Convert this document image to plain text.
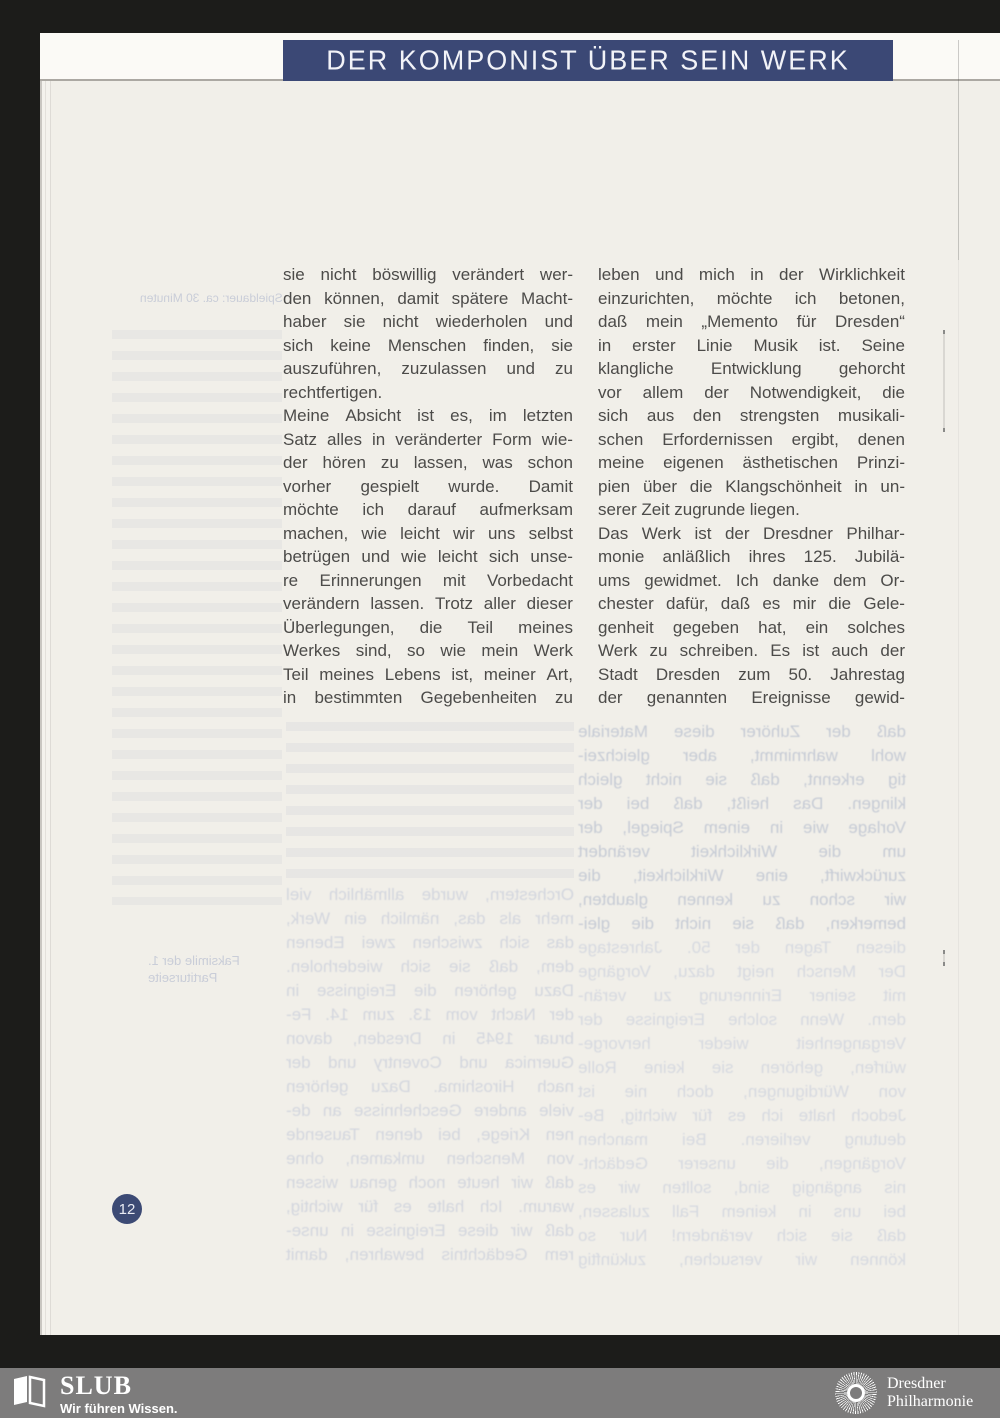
DER KOMPONIST ÜBER SEIN WERK
daß
der
Zuhörer
diese
Materiale
wohl
wahrnimmt,
aber
gleichzei-
tig
erkennt,
daß
sie
nicht
gleich
klingen.
Das
heißt,
daß
bei
der
Vorlage
wie
in
einem
Spiegel,
der
um
die
Wirklichkeit
verändert
zurückwirft,
eine
Wirklichkeit,
die
wir
schon
zu
kennen
glaubten,
bemerken,
daß
sie
nicht
die
glei-
diesen
Tagen
der
50.
Jahrestage
Der
Mensch
neigt
dazu,
Vorgänge
mit
seiner
Erinnerung
zu
verän-
dern.
Wenn
solche
Ereignisse
der
Vergangenheit
wieder
hervorge-
würfen,
gehören
sie
keine
Rolle
von
Würdigungen,
doch
nie
ist
Jedoch
halte
ich
es
für
wichtig,
Be-
deutung
verlieren.
Bei
manchen
Vorgängen,
die
unserer
Gedächt-
nis
angängig
sind,
sollten
wir
es
bei
uns
in
keinem
Fall
zulassen,
daß
sie
sich
verändern!
Nur
so
können
wir
versuchen,
zukünftig
Orchestern,
wurde
allmählich
viel
mehr
als
das,
nämlich
ein
Werk,
das
sich
zwischen
zwei
Ebenen
dem,
daß
sie
sich
wiederholen.
Dazu
gehören
die
Ereignisse
in
der
Nacht
vom
13.
zum
14.
Fe-
bruar
1945
in
Dresden,
davon
Guernica
und
Coventry
und
der
nach
Hiroshima.
Dazu
gehören
viele
andere
Geschehnisse
an
de-
nen
Kriege,
bei
denen
Tausende
von
Menschen
umkamen,
ohne
daß
wir
heute
noch
genau
wissen
warum.
Ich
halte
es
für
wichtig,
daß
wir
diese
Ereignisse
in
unse-
rem
Gedächtnis
bewahren,
damit
Spieldauer: ca. 30 Minuten
Faksimile der 1. Partiturseite
sie nicht böswillig verändert wer-
den können, damit spätere Macht-
haber sie nicht wiederholen und
sich keine Menschen finden, sie
auszuführen, zuzulassen und zu
rechtfertigen.
Meine Absicht ist es, im letzten
Satz alles in veränderter Form wie-
der hören zu lassen, was schon
vorher gespielt wurde. Damit
möchte ich darauf aufmerksam
machen, wie leicht wir uns selbst
betrügen und wie leicht sich unse-
re Erinnerungen mit Vorbedacht
verändern lassen. Trotz aller dieser
Überlegungen, die Teil meines
Werkes sind, so wie mein Werk
Teil meines Lebens ist, meiner Art,
in bestimmten Gegebenheiten zu
leben und mich in der Wirklichkeit
einzurichten, möchte ich betonen,
daß mein „Memento für Dresden“
in erster Linie Musik ist. Seine
klangliche Entwicklung gehorcht
vor allem der Notwendigkeit, die
sich aus den strengsten musikali-
schen Erfordernissen ergibt, denen
meine eigenen ästhetischen Prinzi-
pien über die Klangschönheit in un-
serer Zeit zugrunde liegen.
Das Werk ist der Dresdner Philhar-
monie anläßlich ihres 125. Jubilä-
ums gewidmet. Ich danke dem Or-
chester dafür, daß es mir die Gele-
genheit gegeben hat, ein solches
Werk zu schreiben. Es ist auch der
Stadt Dresden zum 50. Jahrestag
der genannten Ereignisse gewid-
12
SLUB
Wir führen Wissen.
Dresdner
Philharmonie
